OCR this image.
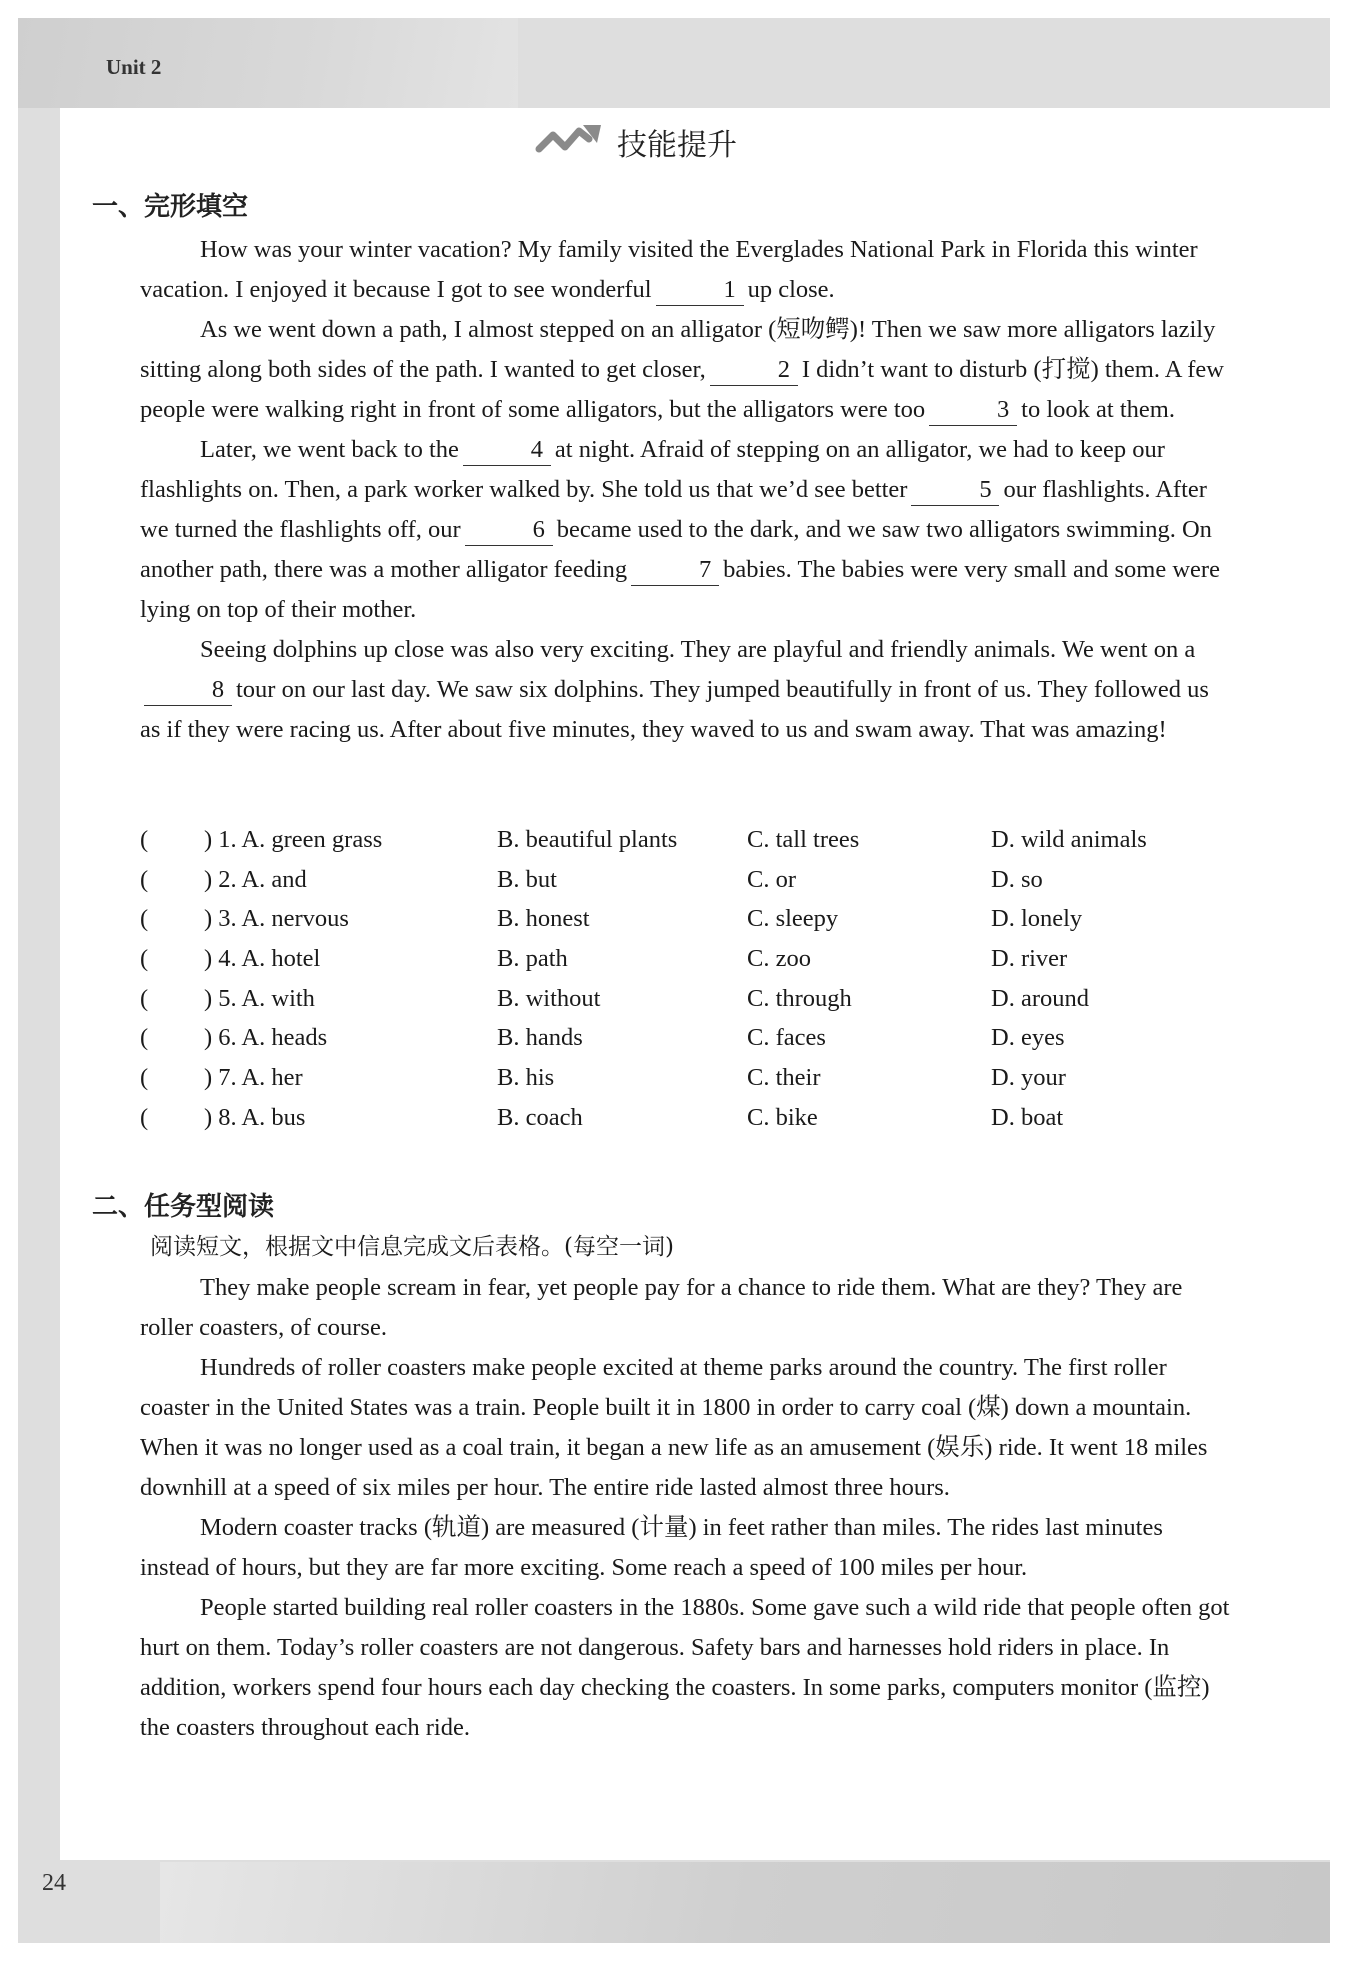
Unit 2
技能提升
一、完形填空

How was your winter vacation? My family visited the Everglades National Park in Florida this winter vacation. I enjoyed it because I got to see wonderful	1 up close.

As we went down a path, I almost stepped on an alligator (短吻鳄)! Then we saw more alligators lazily sitting along both sides of the path. I wanted to get closer,	2 I didn’t want to disturb (打搅) them. A few people were walking right in front of some alligators, but the alligators were too	3 to look at them.

Later, we went back to the	4 at night. Afraid of stepping on an alligator, we had to keep our flashlights on. Then, a park worker walked by. She told us that we’d see better	5 our flashlights. After we turned the flashlights off, our	6 became used to the dark, and we saw two alligators swimming. On another path, there was a mother alligator feeding	7 babies. The babies were very small and some were lying on top of their mother.

Seeing dolphins up close was also very exciting. They are playful and friendly animals. We went on a8 tour on our last day. We saw six dolphins. They jumped beautifully in front of us. They followed us as if they were racing us. After about five minutes, they waved to us and swam away. That was amazing!

( ) 1. A. green grass	B. beautiful plants	C. tall trees	D. wild animals
( ) 2. A. and	B. but	C. or	D. so
( ) 3. A. nervous	B. honest	C. sleepy	D. lonely
( ) 4. A. hotel	B. path	C. zoo	D. river
( ) 5. A. with	B. without	C. through	D. around
( ) 6. A. heads	B. hands	C. faces	D. eyes
( ) 7. A. her	B. his	C. their	D. your
( ) 8. A. bus	B. coach	C. bike	D. boat
二、任务型阅读
阅读短文，根据文中信息完成文后表格。(每空一词)

They make people scream in fear, yet people pay for a chance to ride them. What are they? They are roller coasters, of course.

Hundreds of roller coasters make people excited at theme parks around the country. The first roller coaster in the United States was a train. People built it in 1800 in order to carry coal (煤) down a mountain. When it was no longer used as a coal train, it began a new life as an amusement (娱乐) ride. It went 18 miles downhill at a speed of six miles per hour. The entire ride lasted almost three hours.

Modern coaster tracks (轨道) are measured (计量) in feet rather than miles. The rides last minutes instead of hours, but they are far more exciting. Some reach a speed of 100 miles per hour.

People started building real roller coasters in the 1880s. Some gave such a wild ride that people often got hurt on them. Today’s roller coasters are not dangerous. Safety bars and harnesses hold riders in place. In addition, workers spend four hours each day checking the coasters. In some parks, computers monitor (监控) the coasters throughout each ride.

24
